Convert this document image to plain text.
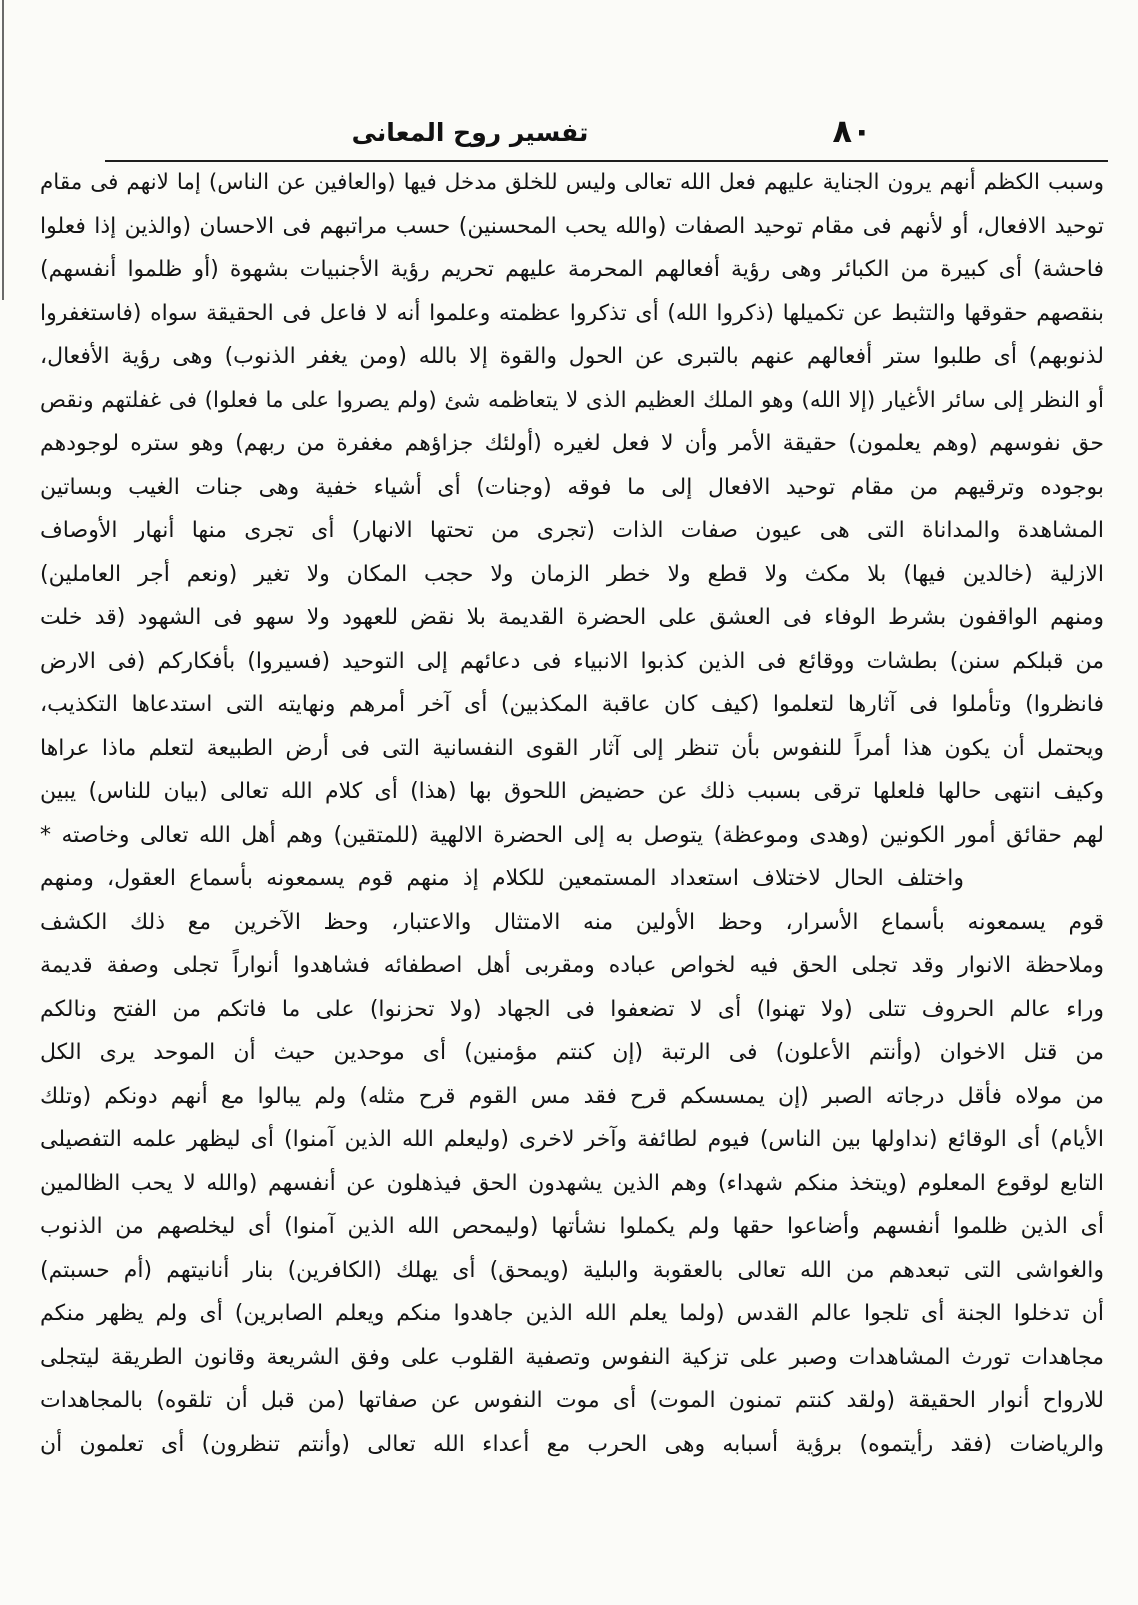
٨٠
تفسير روح المعانى
وسبب الكظم أنهم يرون الجناية عليهم فعل الله تعالى وليس للخلق مدخل فيها (والعافين عن الناس) إما لانهم فى مقام
توحيد الافعال، أو لأنهم فى مقام توحيد الصفات (والله يحب المحسنين) حسب مراتبهم فى الاحسان (والذين إذا فعلوا
فاحشة) أى كبيرة من الكبائر وهى رؤية أفعالهم المحرمة عليهم تحريم رؤية الأجنبيات بشهوة (أو ظلموا أنفسهم)
بنقصهم حقوقها والتثبط عن تكميلها (ذكروا الله) أى تذكروا عظمته وعلموا أنه لا فاعل فى الحقيقة سواه (فاستغفروا
لذنوبهم) أى طلبوا ستر أفعالهم عنهم بالتبرى عن الحول والقوة إلا بالله (ومن يغفر الذنوب) وهى رؤية الأفعال،
أو النظر إلى سائر الأغيار (إلا الله) وهو الملك العظيم الذى لا يتعاظمه شئ (ولم يصروا على ما فعلوا) فى غفلتهم ونقص
حق نفوسهم (وهم يعلمون) حقيقة الأمر وأن لا فعل لغيره (أولئك جزاؤهم مغفرة من ربهم) وهو ستره لوجودهم
بوجوده وترقيهم من مقام توحيد الافعال إلى ما فوقه (وجنات) أى أشياء خفية وهى جنات الغيب وبساتين
المشاهدة والمداناة التى هى عيون صفات الذات (تجرى من تحتها الانهار) أى تجرى منها أنهار الأوصاف
الازلية (خالدين فيها) بلا مكث ولا قطع ولا خطر الزمان ولا حجب المكان ولا تغير (ونعم أجر العاملين)
ومنهم الواقفون بشرط الوفاء فى العشق على الحضرة القديمة بلا نقض للعهود ولا سهو فى الشهود (قد خلت
من قبلكم سنن) بطشات ووقائع فى الذين كذبوا الانبياء فى دعائهم إلى التوحيد (فسيروا) بأفكاركم (فى الارض
فانظروا) وتأملوا فى آثارها لتعلموا (كيف كان عاقبة المكذبين) أى آخر أمرهم ونهايته التى استدعاها التكذيب،
ويحتمل أن يكون هذا أمراً للنفوس بأن تنظر إلى آثار القوى النفسانية التى فى أرض الطبيعة لتعلم ماذا عراها
وكيف انتهى حالها فلعلها ترقى بسبب ذلك عن حضيض اللحوق بها (هذا) أى كلام الله تعالى (بيان للناس) يبين
لهم حقائق أمور الكونين (وهدى وموعظة) يتوصل به إلى الحضرة الالهية (للمتقين) وهم أهل الله تعالى وخاصته *
واختلف الحال لاختلاف استعداد المستمعين للكلام إذ منهم قوم يسمعونه بأسماع العقول، ومنهم
قوم يسمعونه بأسماع الأسرار، وحظ الأولين منه الامتثال والاعتبار، وحظ الآخرين مع ذلك الكشف
وملاحظة الانوار وقد تجلى الحق فيه لخواص عباده ومقربى أهل اصطفائه فشاهدوا أنواراً تجلى وصفة قديمة
وراء عالم الحروف تتلى (ولا تهنوا) أى لا تضعفوا فى الجهاد (ولا تحزنوا) على ما فاتكم من الفتح ونالكم
من قتل الاخوان (وأنتم الأعلون) فى الرتبة (إن كنتم مؤمنين) أى موحدين حيث أن الموحد يرى الكل
من مولاه فأقل درجاته الصبر (إن يمسسكم قرح فقد مس القوم قرح مثله) ولم يبالوا مع أنهم دونكم (وتلك
الأيام) أى الوقائع (نداولها بين الناس) فيوم لطائفة وآخر لاخرى (وليعلم الله الذين آمنوا) أى ليظهر علمه التفصيلى
التابع لوقوع المعلوم (ويتخذ منكم شهداء) وهم الذين يشهدون الحق فيذهلون عن أنفسهم (والله لا يحب الظالمين
أى الذين ظلموا أنفسهم وأضاعوا حقها ولم يكملوا نشأتها (وليمحص الله الذين آمنوا) أى ليخلصهم من الذنوب
والغواشى التى تبعدهم من الله تعالى بالعقوبة والبلية (ويمحق) أى يهلك (الكافرين) بنار أنانيتهم (أم حسبتم)
أن تدخلوا الجنة أى تلجوا عالم القدس (ولما يعلم الله الذين جاهدوا منكم ويعلم الصابرين) أى ولم يظهر منكم
مجاهدات تورث المشاهدات وصبر على تزكية النفوس وتصفية القلوب على وفق الشريعة وقانون الطريقة ليتجلى
للارواح أنوار الحقيقة (ولقد كنتم تمنون الموت) أى موت النفوس عن صفاتها (من قبل أن تلقوه) بالمجاهدات
والرياضات (فقد رأيتموه) برؤية أسبابه وهى الحرب مع أعداء الله تعالى (وأنتم تنظرون) أى تعلمون أن
